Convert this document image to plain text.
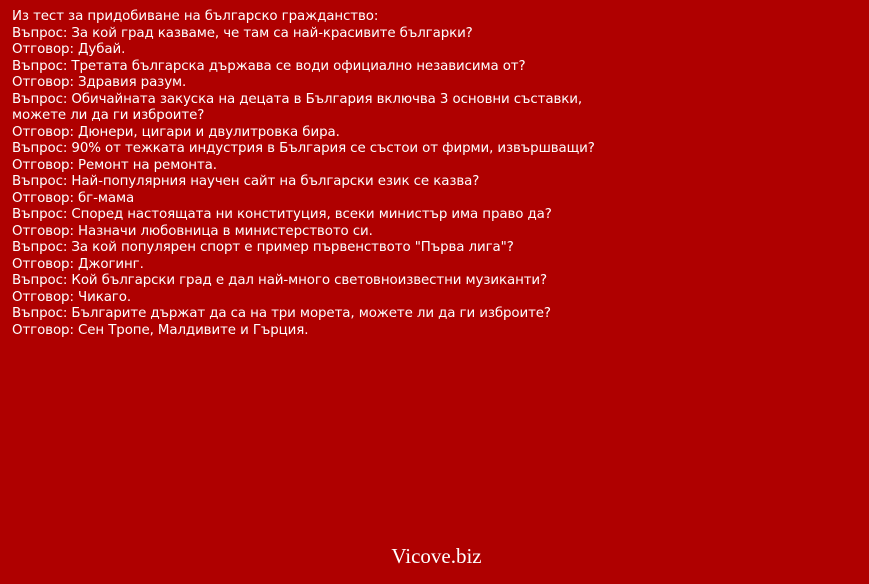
Из тест за придобиване на българско гражданство:
Въпрос: За кой град казваме, че там са най-красивите българки?
Отговор: Дубай.
Въпрос: Третата българска държава се води официално независима от?
Отговор: Здравия разум.
Въпрос: Обичайната закуска на децата в България включва 3 основни съставки, можете ли да ги изброите?
Отговор: Дюнери, цигари и двулитровка бира.
Въпрос: 90% от тежката индустрия в България се състои от фирми, извършващи?
Отговор: Ремонт на ремонта.
Въпрос: Най-популярния научен сайт на български език се казва?
Отговор: бг-мама
Въпрос: Според настоящата ни конституция, всеки министър има право да?
Отговор: Назначи любовница в министерството си.
Въпрос: За кой популярен спорт е пример първенството "Първа лига"?
Отговор: Джогинг.
Въпрос: Кой български град е дал най-много световноизвестни музиканти?
Отговор: Чикаго.
Въпрос: Българите държат да са на три морета, можете ли да ги изброите?
Отговор: Сен Тропе, Малдивите и Гърция.
Vicove.biz
